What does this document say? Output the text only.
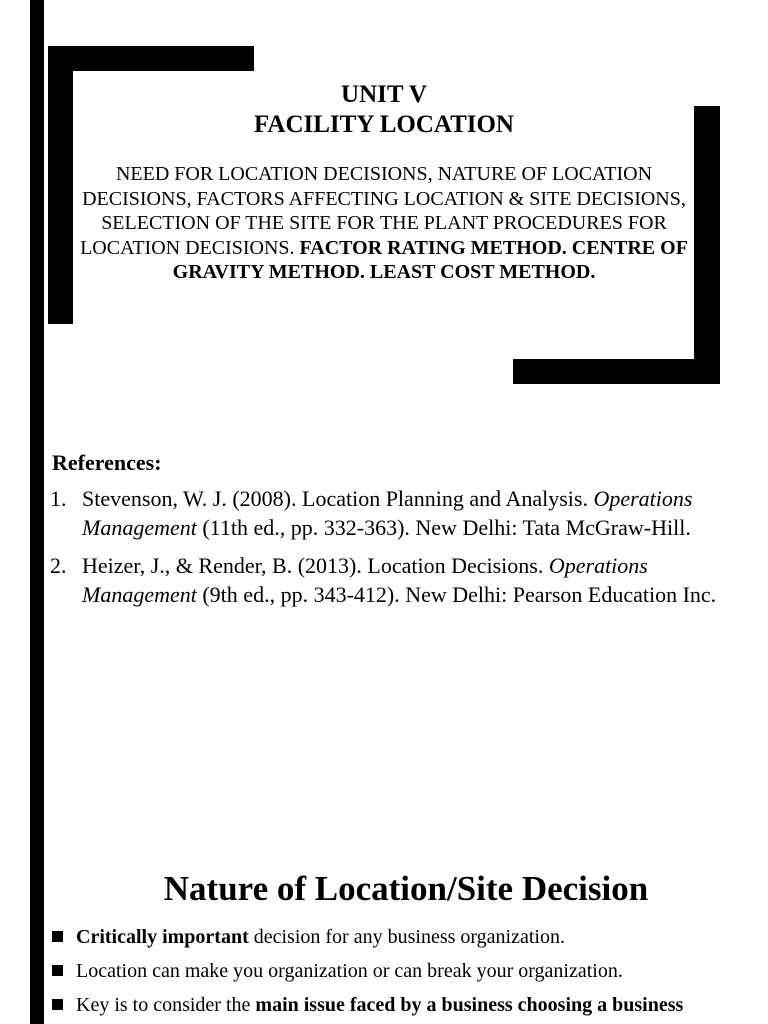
UNIT V
FACILITY LOCATION
NEED FOR LOCATION DECISIONS, NATURE OF LOCATION DECISIONS, FACTORS AFFECTING LOCATION & SITE DECISIONS, SELECTION OF THE SITE FOR THE PLANT PROCEDURES FOR LOCATION DECISIONS. FACTOR RATING METHOD. CENTRE OF GRAVITY METHOD. LEAST COST METHOD.
References:
1. Stevenson, W. J. (2008). Location Planning and Analysis. Operations Management (11th ed., pp. 332-363). New Delhi: Tata McGraw-Hill.
2. Heizer, J., & Render, B. (2013). Location Decisions. Operations Management (9th ed., pp. 343-412). New Delhi: Pearson Education Inc.
Nature of Location/Site Decision
Critically important decision for any business organization.
Location can make you organization or can break your organization.
Key is to consider the main issue faced by a business choosing a business
